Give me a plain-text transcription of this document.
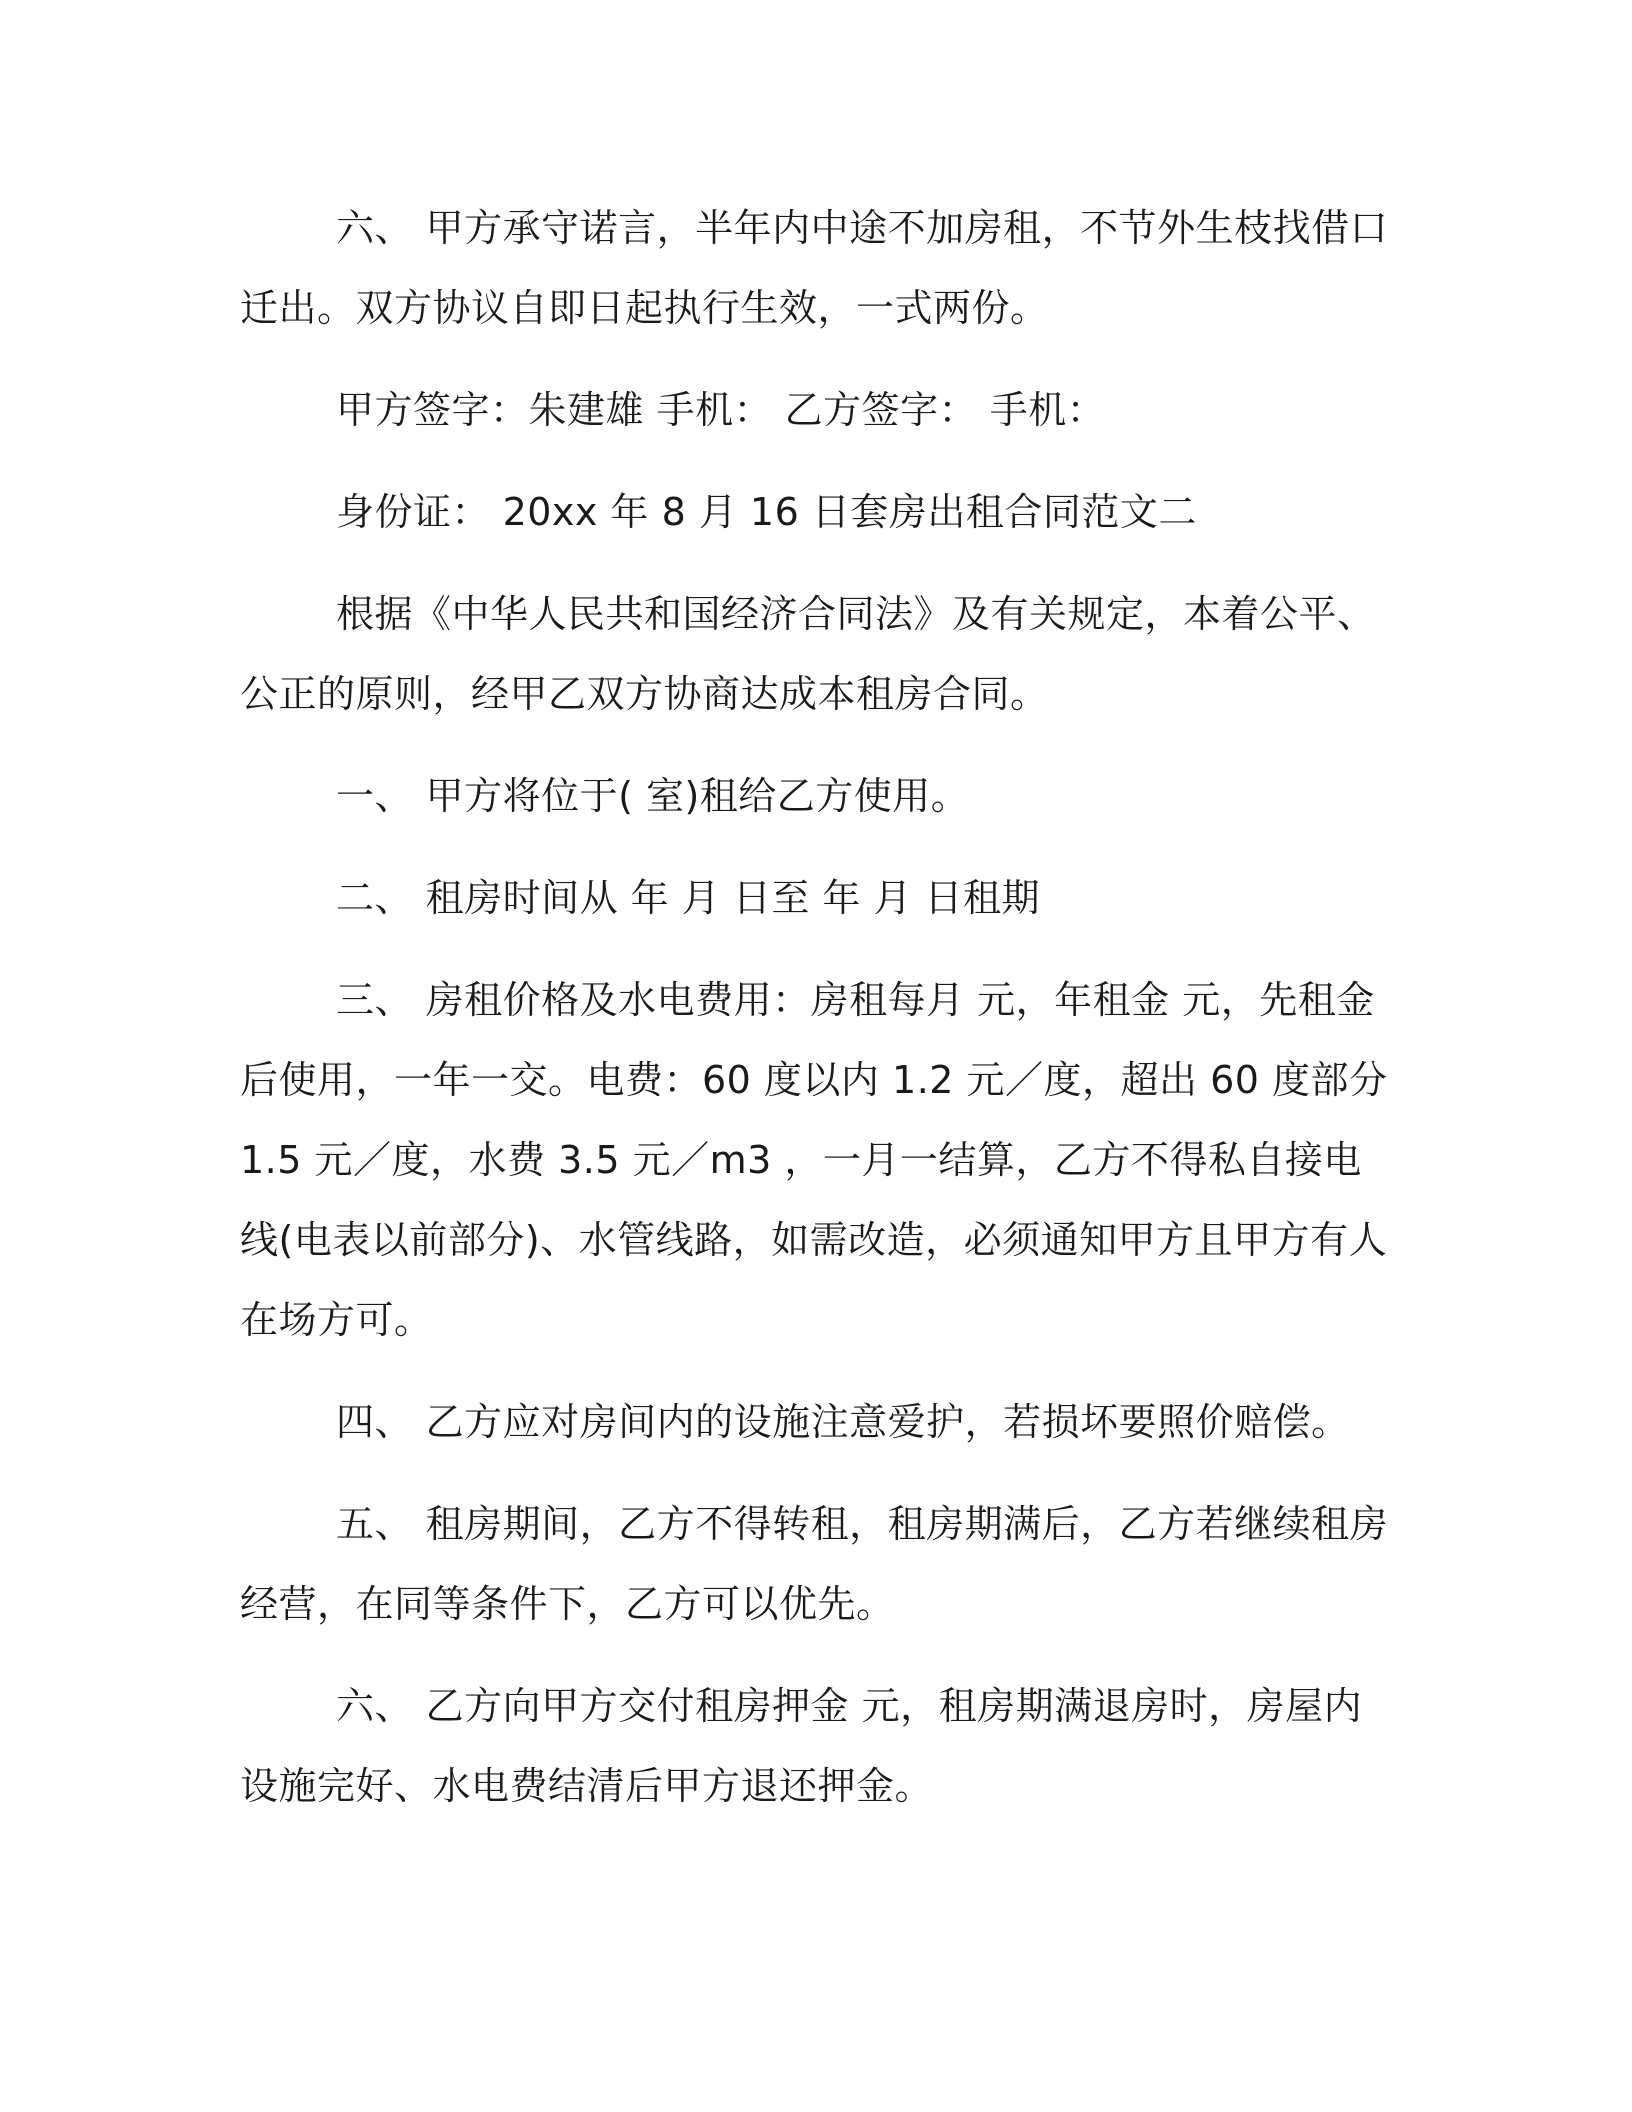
六、 甲方承守诺言，半年内中途不加房租，不节外生枝找借口迁出。双方协议自即日起执行生效，一式两份。

甲方签字：朱建雄 手机： 乙方签字： 手机：

身份证： 20xx 年 8 月 16 日套房出租合同范文二

根据《中华人民共和国经济合同法》及有关规定，本着公平、公正的原则，经甲乙双方协商达成本租房合同。

一、 甲方将位于( 室)租给乙方使用。

二、 租房时间从 年 月 日至 年 月 日租期

三、 房租价格及水电费用：房租每月 元，年租金 元，先租金后使用，一年一交。电费：60 度以内 1.2 元／度，超出 60 度部分 1.5 元／度，水费 3.5 元／m3 ，一月一结算，乙方不得私自接电线(电表以前部分)、水管线路，如需改造，必须通知甲方且甲方有人在场方可。

四、 乙方应对房间内的设施注意爱护，若损坏要照价赔偿。

五、 租房期间，乙方不得转租，租房期满后，乙方若继续租房经营，在同等条件下，乙方可以优先。

六、 乙方向甲方交付租房押金 元，租房期满退房时，房屋内设施完好、水电费结清后甲方退还押金。
